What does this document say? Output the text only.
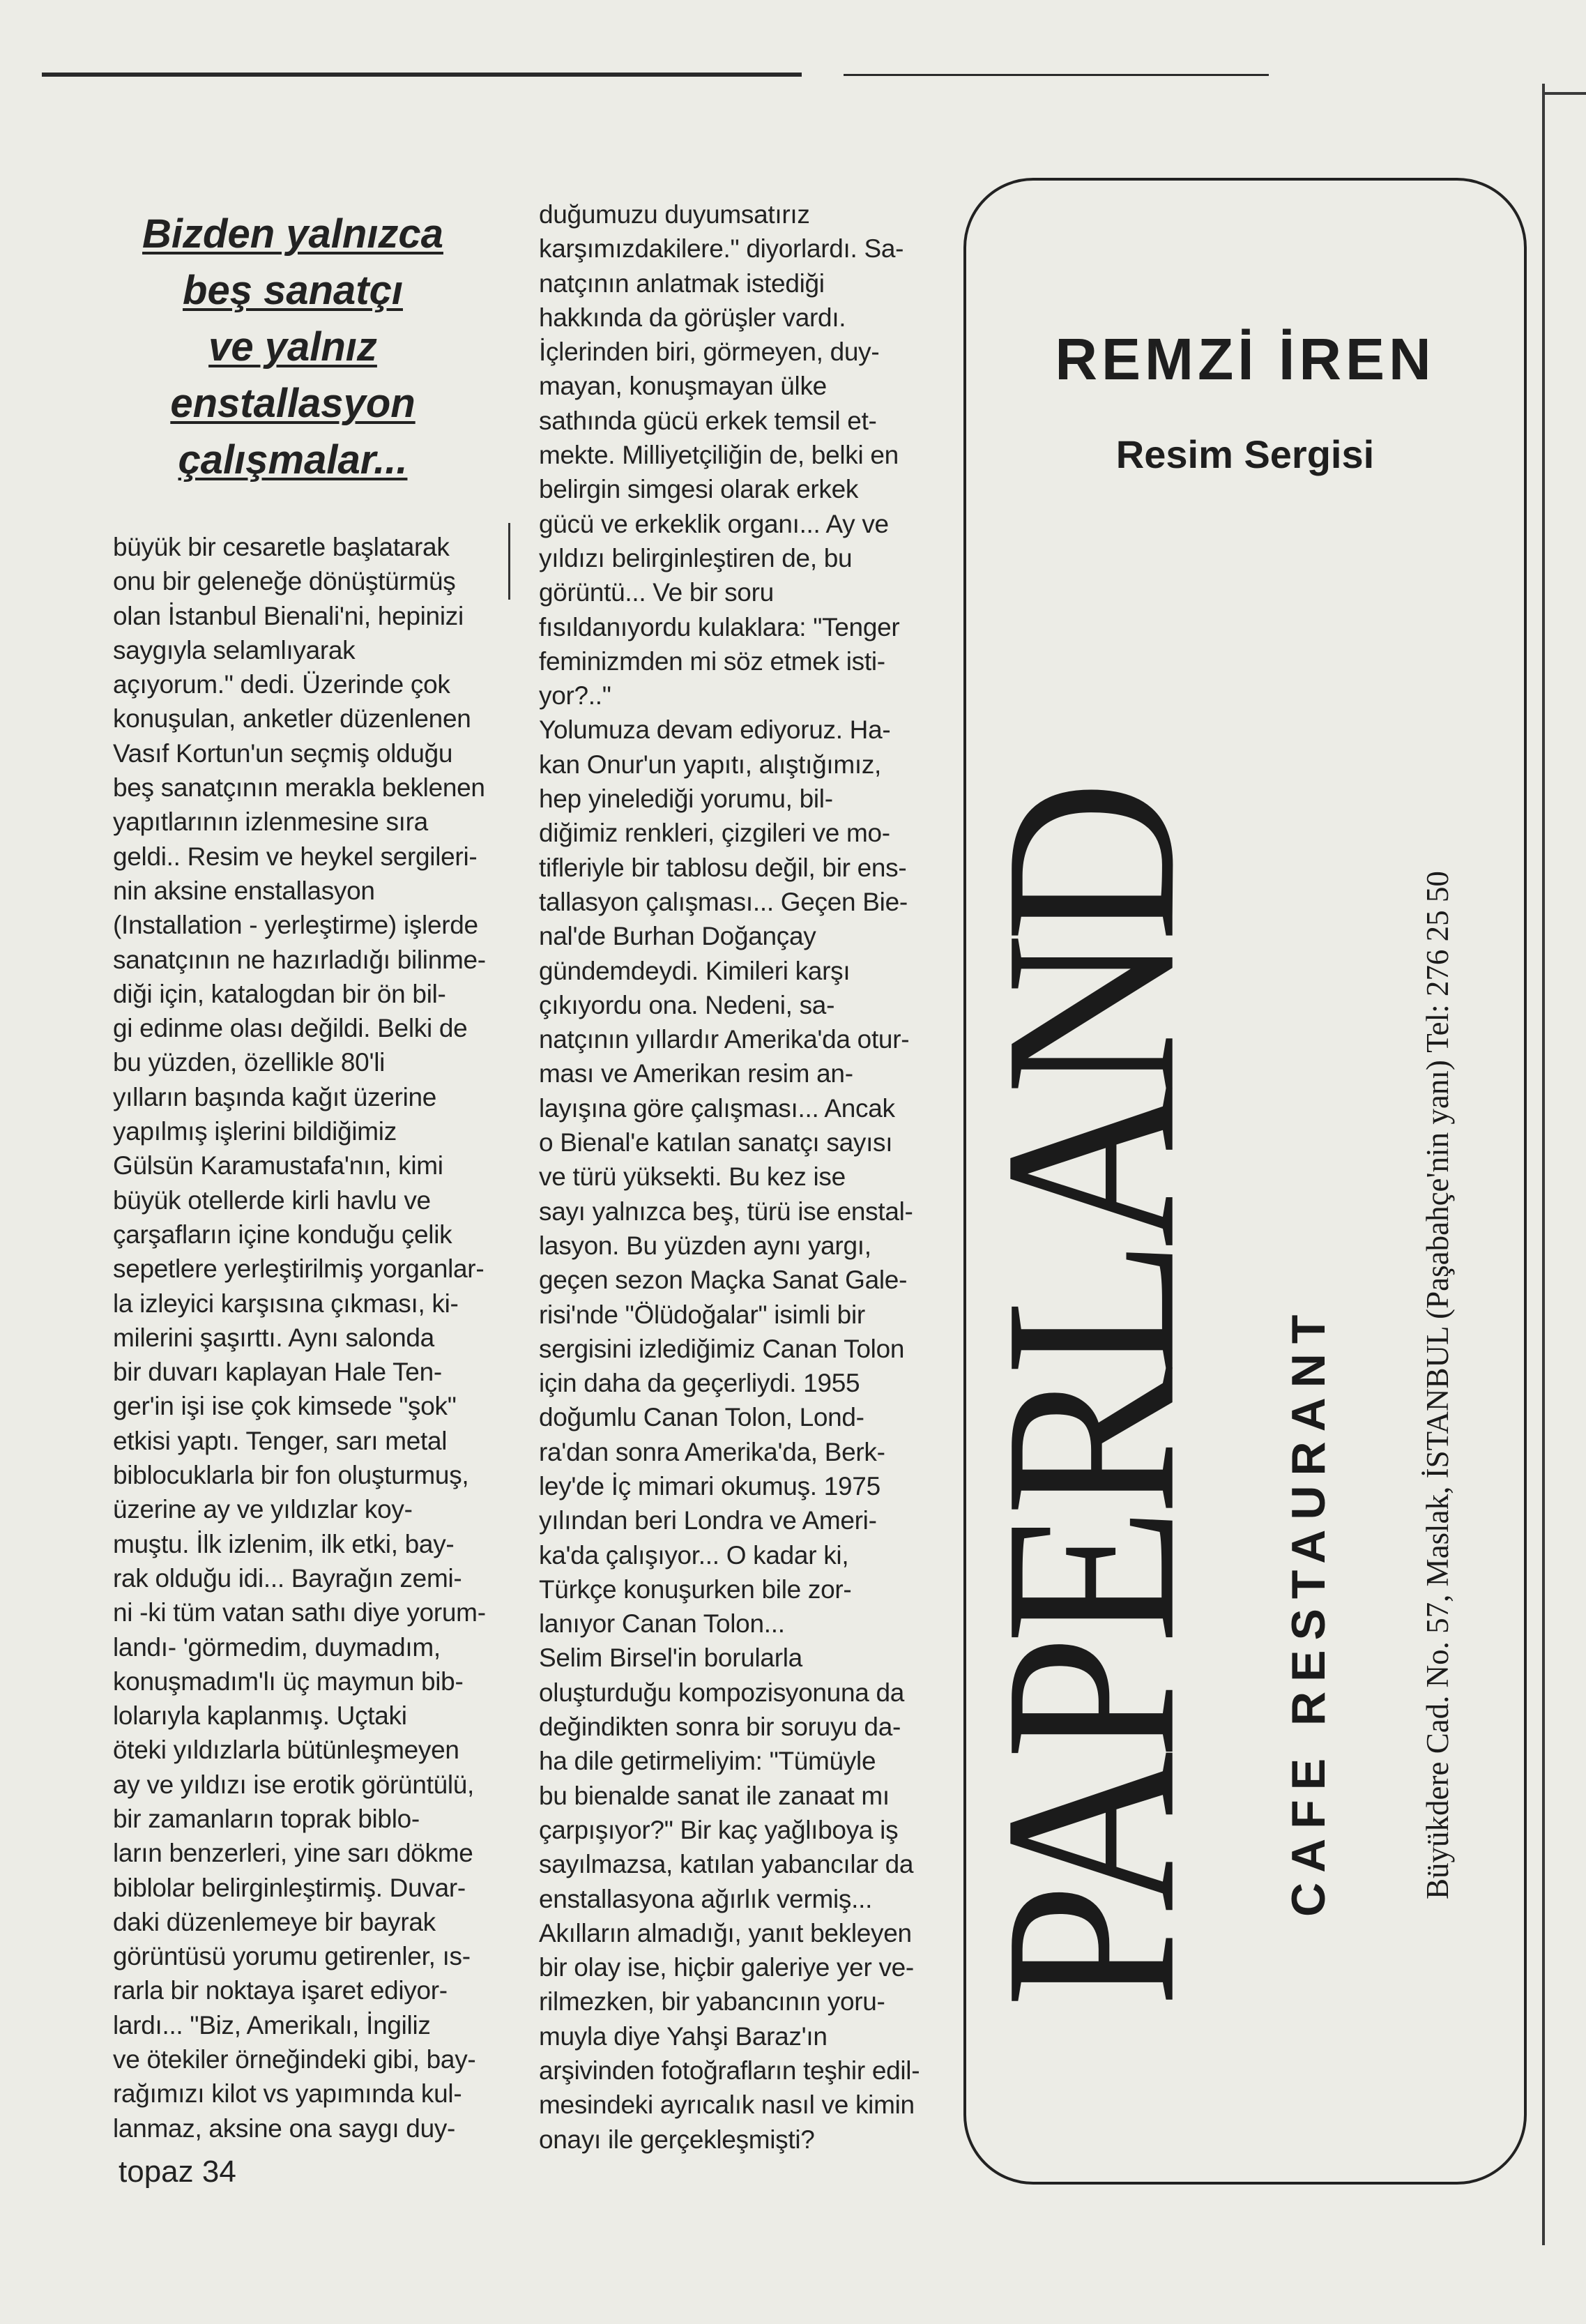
Bizden yalnızca
beş sanatçı
ve yalnız
enstallasyon
çalışmalar...

büyük bir cesaretle başlatarak
onu bir geleneğe dönüştürmüş
olan İstanbul Bienali'ni, hepinizi
saygıyla selamlıyarak
açıyorum." dedi. Üzerinde çok
konuşulan, anketler düzenlenen
Vasıf Kortun'un seçmiş olduğu
beş sanatçının merakla beklenen
yapıtlarının izlenmesine sıra
geldi.. Resim ve heykel sergileri-
nin aksine enstallasyon
(Installation - yerleştirme) işlerde
sanatçının ne hazırladığı bilinme-
diği için, katalogdan bir ön bil-
gi edinme olası değildi. Belki de
bu yüzden, özellikle 80'li
yılların başında kağıt üzerine
yapılmış işlerini bildiğimiz
Gülsün Karamustafa'nın, kimi
büyük otellerde kirli havlu ve
çarşafların içine konduğu çelik
sepetlere yerleştirilmiş yorganlar-
la izleyici karşısına çıkması, ki-
milerini şaşırttı. Aynı salonda
bir duvarı kaplayan Hale Ten-
ger'in işi ise çok kimsede "şok"
etkisi yaptı. Tenger, sarı metal
biblocuklarla bir fon oluşturmuş,
üzerine ay ve yıldızlar koy-
muştu. İlk izlenim, ilk etki, bay-
rak olduğu idi... Bayrağın zemi-
ni -ki tüm vatan sathı diye yorum-
landı- 'görmedim, duymadım,
konuşmadım'lı üç maymun bib-
lolarıyla kaplanmış. Uçtaki
öteki yıldızlarla bütünleşmeyen
ay ve yıldızı ise erotik görüntülü,
bir zamanların toprak biblo-
ların benzerleri, yine sarı dökme
biblolar belirginleştirmiş. Duvar-
daki düzenlemeye bir bayrak
görüntüsü yorumu getirenler, ıs-
rarla bir noktaya işaret ediyor-
lardı... "Biz, Amerikalı, İngiliz
ve ötekiler örneğindeki gibi, bay-
rağımızı kilot vs yapımında kul-
lanmaz, aksine ona saygı duy-

duğumuzu duyumsatırız
karşımızdakilere." diyorlardı. Sa-
natçının anlatmak istediği
hakkında da görüşler vardı.
İçlerinden biri, görmeyen, duy-
mayan, konuşmayan ülke
sathında gücü erkek temsil et-
mekte. Milliyetçiliğin de, belki en
belirgin simgesi olarak erkek
gücü ve erkeklik organı... Ay ve
yıldızı belirginleştiren de, bu
görüntü... Ve bir soru
fısıldanıyordu kulaklara: "Tenger
feminizmden mi söz etmek isti-
yor?.."
Yolumuza devam ediyoruz. Ha-
kan Onur'un yapıtı, alıştığımız,
hep yinelediği yorumu, bil-
diğimiz renkleri, çizgileri ve mo-
tifleriyle bir tablosu değil, bir ens-
tallasyon çalışması... Geçen Bie-
nal'de Burhan Doğançay
gündemdeydi. Kimileri karşı
çıkıyordu ona. Nedeni, sa-
natçının yıllardır Amerika'da otur-
ması ve Amerikan resim an-
layışına göre çalışması... Ancak
o Bienal'e katılan sanatçı sayısı
ve türü yüksekti. Bu kez ise
sayı yalnızca beş, türü ise enstal-
lasyon. Bu yüzden aynı yargı,
geçen sezon Maçka Sanat Gale-
risi'nde "Ölüdoğalar" isimli bir
sergisini izlediğimiz Canan Tolon
için daha da geçerliydi. 1955
doğumlu Canan Tolon, Lond-
ra'dan sonra Amerika'da, Berk-
ley'de İç mimari okumuş. 1975
yılından beri Londra ve Ameri-
ka'da çalışıyor... O kadar ki,
Türkçe konuşurken bile zor-
lanıyor Canan Tolon...
Selim Birsel'in borularla
oluşturduğu kompozisyonuna da
değindikten sonra bir soruyu da-
ha dile getirmeliyim: "Tümüyle
bu bienalde sanat ile zanaat mı
çarpışıyor?" Bir kaç yağlıboya iş
sayılmazsa, katılan yabancılar da
enstallasyona ağırlık vermiş...
Akılların almadığı, yanıt bekleyen
bir olay ise, hiçbir galeriye yer ve-
rilmezken, bir yabancının yoru-
muyla diye Yahşi Baraz'ın
arşivinden fotoğrafların teşhir edil-
mesindeki ayrıcalık nasıl ve kimin
onayı ile gerçekleşmişti?

topaz 34
REMZİ İREN
Resim Sergisi
PAPERLAND CAFE RESTAURANT	Büyükdere Cad. No. 57, Maslak, İSTANBUL (Paşabahçe'nin yanı) Tel: 276 25 50
